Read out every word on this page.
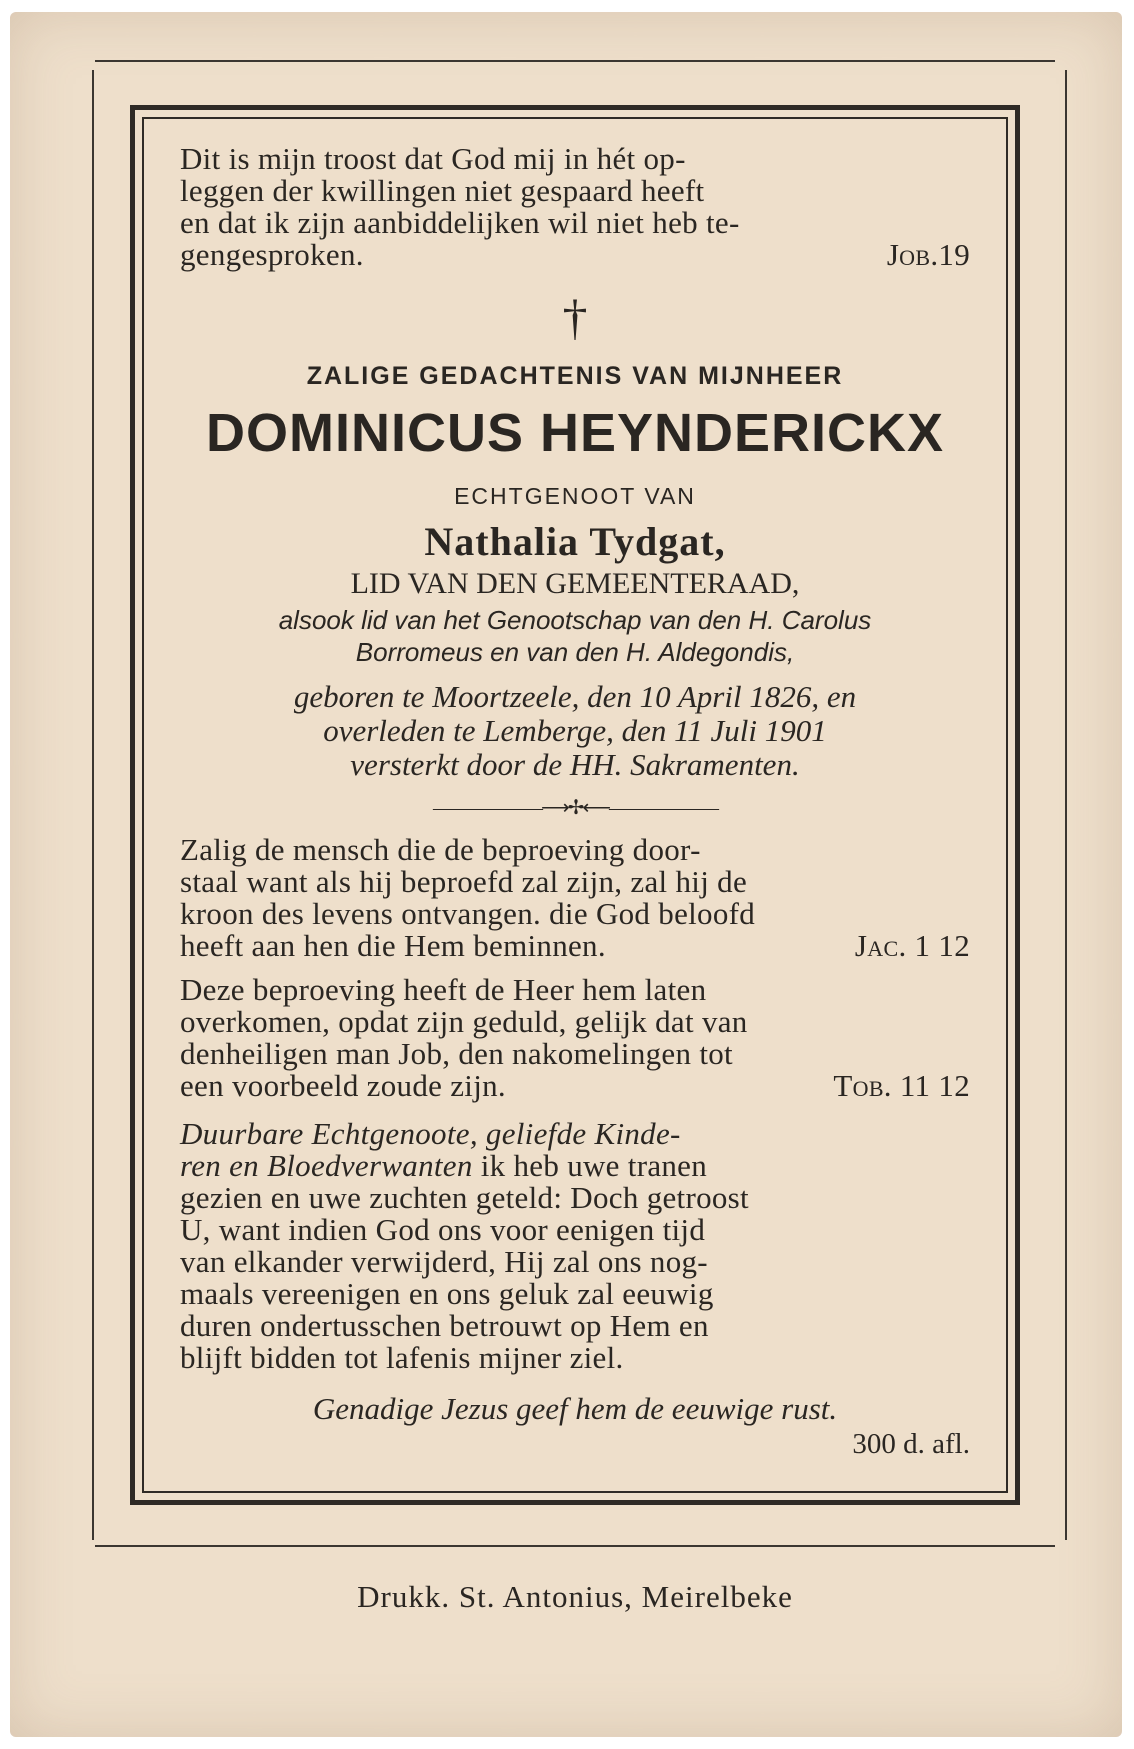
Dit is mijn troost dat God mij in hét op-
leggen der kwillingen niet gespaard heeft
en dat ik zijn aanbiddelijken wil niet heb te-
gengesproken.	Job.19
†
ZALIGE GEDACHTENIS VAN MIJNHEER
DOMINICUS HEYNDERICKX
ECHTGENOOT VAN
Nathalia Tydgat,
LID VAN DEN GEMEENTERAAD,
alsook lid van het Genootschap van den H. Carolus
Borromeus en van den H. Aldegondis,
geboren te Moortzeele, den 10 April 1826, en
overleden te Lemberge, den 11 Juli 1901
versterkt door de HH. Sakramenten.
——————⟶✢⟵——————
Zalig de mensch die de beproeving door-
staal want als hij beproefd zal zijn, zal hij de
kroon des levens ontvangen. die God beloofd
heeft aan hen die Hem beminnen.	Jac. 1 12
Deze beproeving heeft de Heer hem laten
overkomen, opdat zijn geduld, gelijk dat van
denheiligen man Job, den nakomelingen tot
een voorbeeld zoude zijn.	Tob. 11 12
Duurbare Echtgenoote, geliefde Kinde-
ren en Bloedverwanten ik heb uwe tranen
gezien en uwe zuchten geteld: Doch getroost
U, want indien God ons voor eenigen tijd
van elkander verwijderd, Hij zal ons nog-
maals vereenigen en ons geluk zal eeuwig
duren ondertusschen betrouwt op Hem en
blijft bidden tot lafenis mijner ziel.
Genadige Jezus geef hem de eeuwige rust.
300 d. afl.
Drukk. St. Antonius, Meirelbeke
